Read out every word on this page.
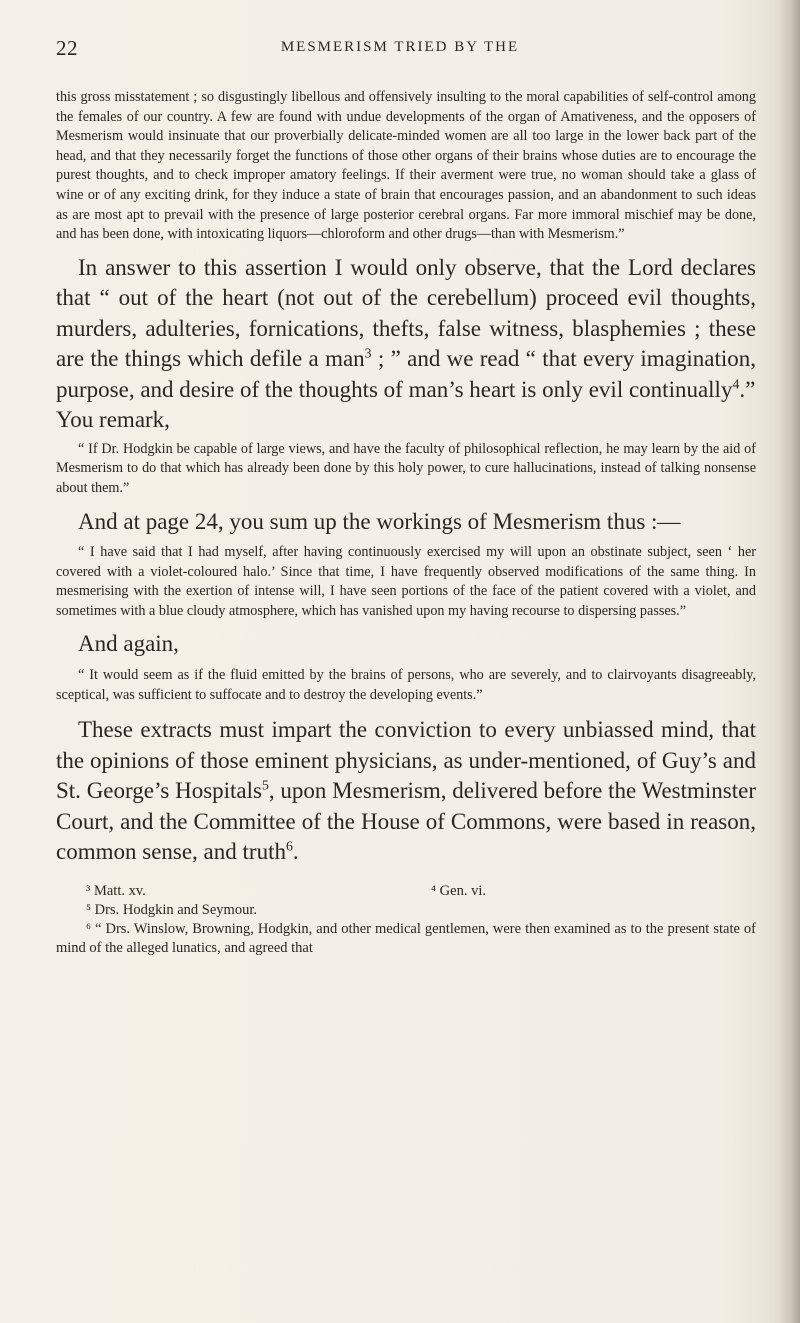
22	MESMERISM TRIED BY THE

this gross misstatement ; so disgustingly libellous and offensively insulting to the moral capabilities of self-control among the females of our country. A few are found with undue developments of the organ of Amativeness, and the opposers of Mesmerism would insinuate that our proverbially delicate-minded women are all too large in the lower back part of the head, and that they necessarily forget the functions of those other organs of their brains whose duties are to encourage the purest thoughts, and to check improper amatory feelings. If their averment were true, no woman should take a glass of wine or of any exciting drink, for they induce a state of brain that encourages passion, and an abandonment to such ideas as are most apt to prevail with the presence of large posterior cerebral organs. Far more immoral mischief may be done, and has been done, with intoxicating liquors—chloroform and other drugs—than with Mesmerism.”

In answer to this assertion I would only observe, that the Lord declares that “ out of the heart (not out of the cerebellum) proceed evil thoughts, murders, adulteries, fornications, thefts, false witness, blasphemies ; these are the things which defile a man$^3$ ; ” and we read “ that every imagination, purpose, and desire of the thoughts of man’s heart is only evil continually$^4$.”

You remark,

“ If Dr. Hodgkin be capable of large views, and have the faculty of philosophical reflection, he may learn by the aid of Mesmerism to do that which has already been done by this holy power, to cure hallucinations, instead of talking nonsense about them.”

And at page 24, you sum up the workings of Mesmerism thus :—

“ I have said that I had myself, after having continuously exercised my will upon an obstinate subject, seen ‘ her covered with a violet-coloured halo.’ Since that time, I have frequently observed modifications of the same thing. In mesmerising with the exertion of intense will, I have seen portions of the face of the patient covered with a violet, and sometimes with a blue cloudy atmosphere, which has vanished upon my having recourse to dispersing passes.”

And again,

“ It would seem as if the fluid emitted by the brains of persons, who are severely, and to clairvoyants disagreeably, sceptical, was sufficient to suffocate and to destroy the developing events.”

These extracts must impart the conviction to every unbiassed mind, that the opinions of those eminent physicians, as under-mentioned, of Guy’s and St. George’s Hospitals$^5$, upon Mesmerism, delivered before the Westminster Court, and the Committee of the House of Commons, were based in reason, common sense, and truth$^6$.

³ Matt. xv.	⁴ Gen. vi.
⁵ Drs. Hodgkin and Seymour.
⁶ “ Drs. Winslow, Browning, Hodgkin, and other medical gentlemen, were then examined as to the present state of mind of the alleged lunatics, and agreed that
